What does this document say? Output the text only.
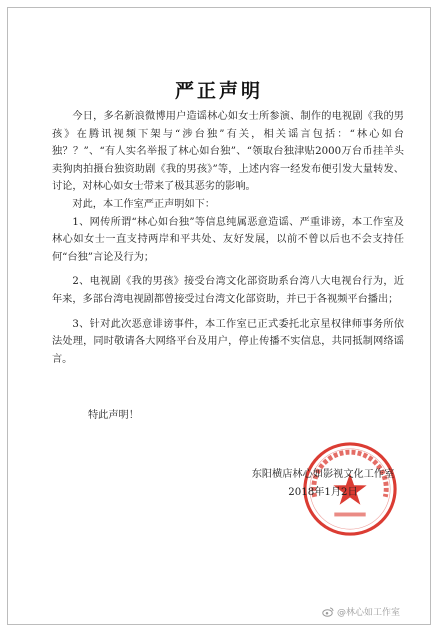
严正声明

今日，多名新浪微博用户造谣林心如女士所参演、制作的电视剧《我的男孩》在腾讯视频下架与“涉台独”有关，相关谣言包括：“林心如台独？？”、“有人实名举报了林心如台独”、“领取台独津贴2000万台币挂羊头卖狗肉拍摄台独资助剧《我的男孩》”等，上述内容一经发布便引发大量转发、讨论，对林心如女士带来了极其恶劣的影响。

对此，本工作室严正声明如下：

1、网传所谓“林心如台独”等信息纯属恶意造谣、严重诽谤，本工作室及林心如女士一直支持两岸和平共处、友好发展，以前不曾以后也不会支持任何“台独”言论及行为；

2、电视剧《我的男孩》接受台湾文化部资助系台湾八大电视台行为，近年来，多部台湾电视剧都曾接受过台湾文化部资助，并已于各视频平台播出；

3、针对此次恶意诽谤事件，本工作室已正式委托北京星权律师事务所依法处理，同时敬请各大网络平台及用户，停止传播不实信息，共同抵制网络谣言。

特此声明！
东阳横店林心如影视文化工作室
2018年1月2日
@林心如工作室
